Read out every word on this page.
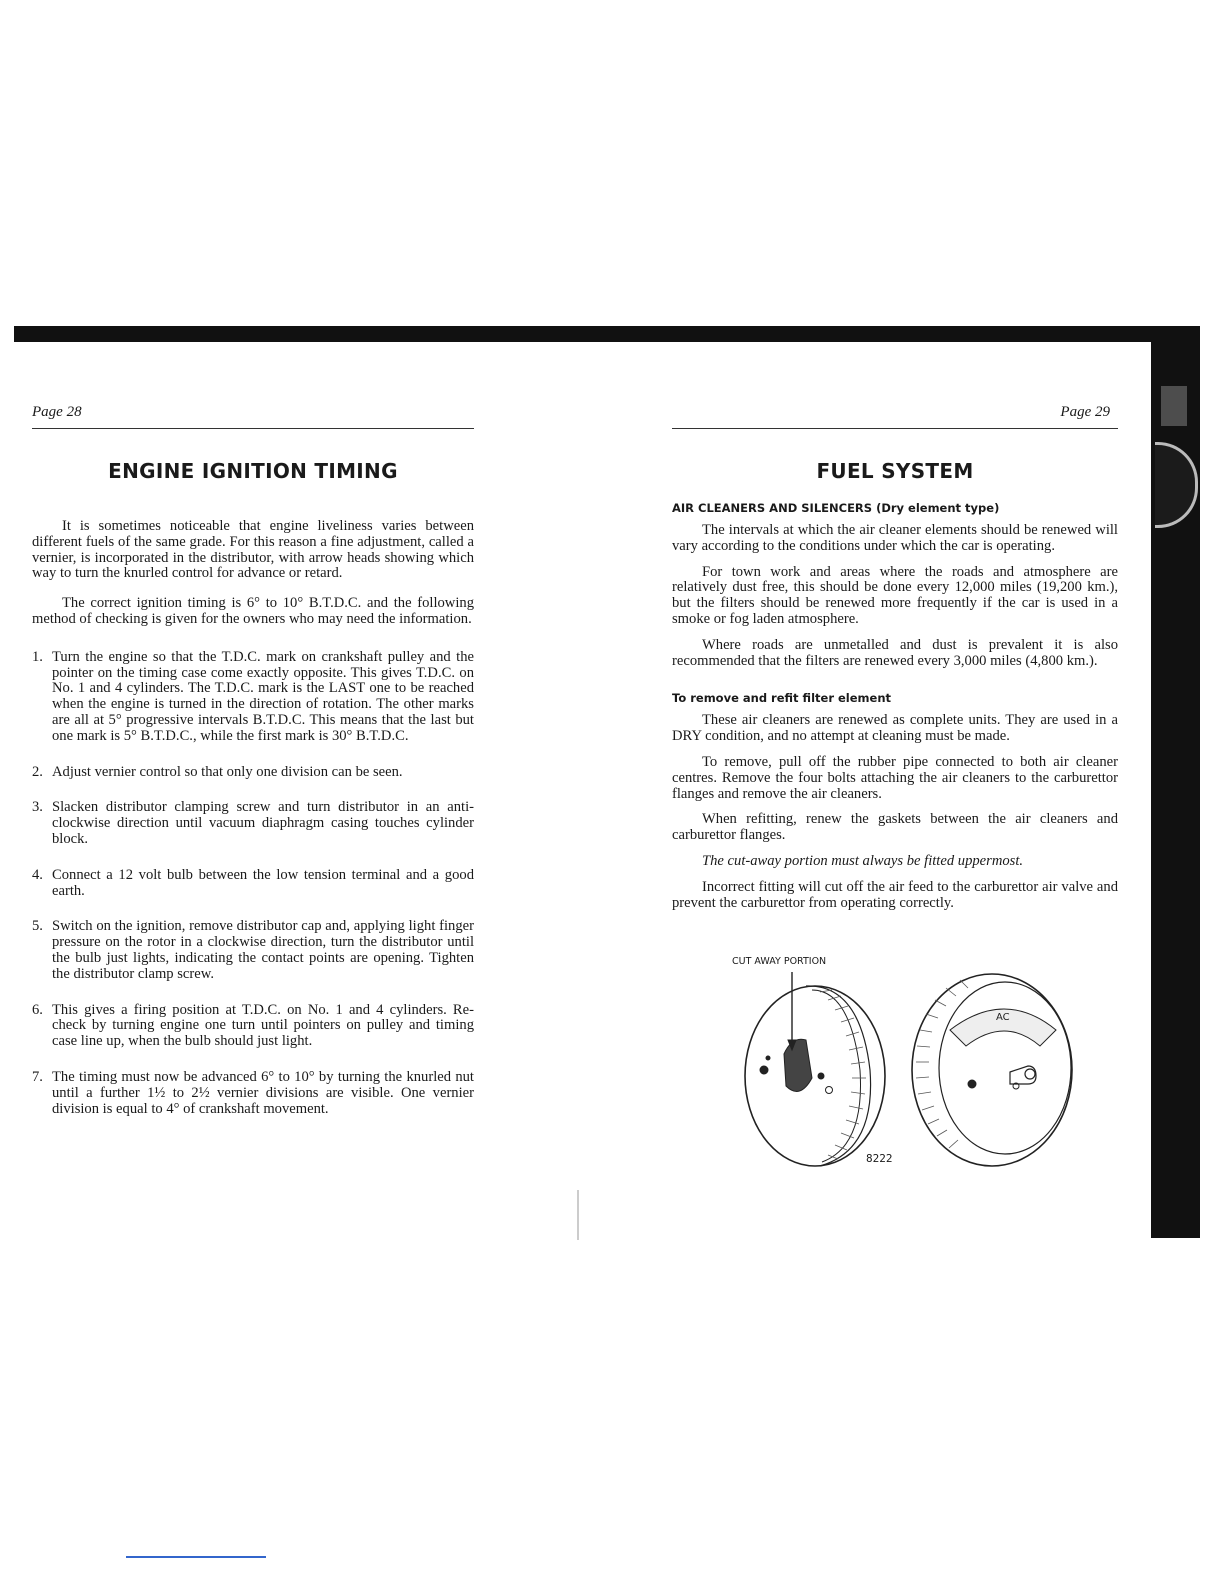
Page 28
ENGINE IGNITION TIMING

It is sometimes noticeable that engine liveliness varies between different fuels of the same grade. For this reason a fine adjustment, called a vernier, is incorporated in the distributor, with arrow heads showing which way to turn the knurled control for advance or retard.

The correct ignition timing is 6° to 10° B.T.D.C. and the following method of checking is given for the owners who may need the information.

1. Turn the engine so that the T.D.C. mark on crankshaft pulley and the pointer on the timing case come exactly opposite. This gives T.D.C. on No. 1 and 4 cylinders. The T.D.C. mark is the LAST one to be reached when the engine is turned in the direction of rotation. The other marks are all at 5° progressive intervals B.T.D.C. This means that the last but one mark is 5° B.T.D.C., while the first mark is 30° B.T.D.C.
2. Adjust vernier control so that only one division can be seen.
3. Slacken distributor clamping screw and turn distributor in an anti-clockwise direction until vacuum diaphragm casing touches cylinder block.
4. Connect a 12 volt bulb between the low tension terminal and a good earth.
5. Switch on the ignition, remove distributor cap and, applying light finger pressure on the rotor in a clockwise direction, turn the distributor until the bulb just lights, indicating the contact points are opening. Tighten the distributor clamp screw.
6. This gives a firing position at T.D.C. on No. 1 and 4 cylinders. Re-check by turning engine one turn until pointers on pulley and timing case line up, when the bulb should just light.
7. The timing must now be advanced 6° to 10° by turning the knurled nut until a further 1½ to 2½ vernier divisions are visible. One vernier division is equal to 4° of crankshaft movement.
Page 29
FUEL SYSTEM
AIR CLEANERS AND SILENCERS (Dry element type)

The intervals at which the air cleaner elements should be renewed will vary according to the conditions under which the car is operating.

For town work and areas where the roads and atmosphere are relatively dust free, this should be done every 12,000 miles (19,200 km.), but the filters should be renewed more frequently if the car is used in a smoke or fog laden atmosphere.

Where roads are unmetalled and dust is prevalent it is also recommended that the filters are renewed every 3,000 miles (4,800 km.).

To remove and refit filter element

These air cleaners are renewed as complete units. They are used in a DRY condition, and no attempt at cleaning must be made.

To remove, pull off the rubber pipe connected to both air cleaner centres. Remove the four bolts attaching the air cleaners to the carburettor flanges and remove the air cleaners.

When refitting, renew the gaskets between the air cleaners and carburettor flanges.

The cut-away portion must always be fitted uppermost.

Incorrect fitting will cut off the air feed to the carburettor air valve and prevent the carburettor from operating correctly.

AC
CUT AWAY PORTION
8222
